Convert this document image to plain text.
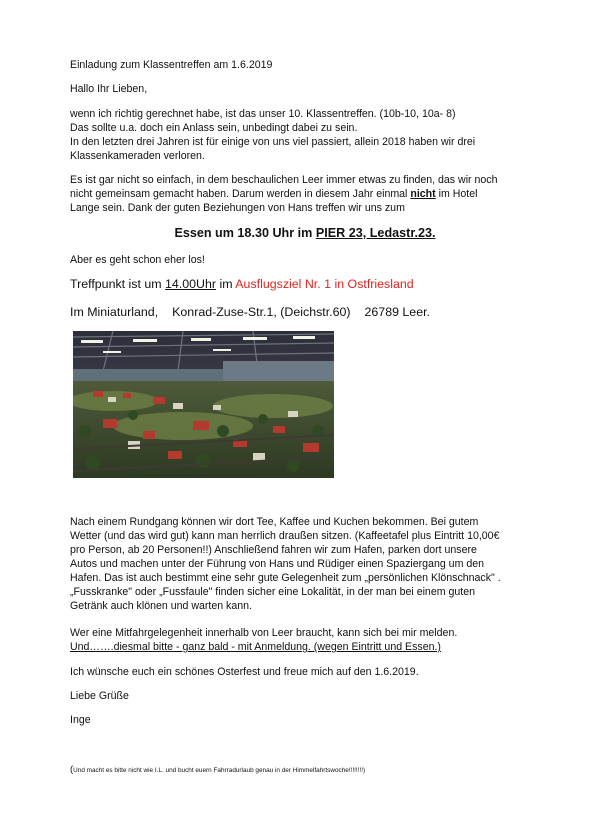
Einladung zum Klassentreffen am 1.6.2019
Hallo Ihr Lieben,
wenn ich richtig gerechnet habe, ist das unser 10. Klassentreffen. (10b-10, 10a- 8)
Das sollte u.a. doch ein Anlass sein, unbedingt dabei zu sein.
In den letzten drei Jahren ist für einige von uns viel passiert, allein 2018 haben wir drei
Klassenkameraden verloren.
Es ist gar nicht so einfach, in dem beschaulichen Leer immer etwas zu finden, das wir noch
nicht gemeinsam gemacht haben. Darum werden in diesem Jahr einmal nicht im Hotel
Lange sein. Dank der guten Beziehungen von Hans treffen wir uns zum
Essen um 18.30 Uhr im PIER 23, Ledastr.23.
Aber es geht schon eher los!
Treffpunkt ist um 14.00Uhr im Ausflugsziel Nr. 1 in Ostfriesland
Im Miniaturland, Konrad-Zuse-Str.1, (Deichstr.60) 26789 Leer.
Nach einem Rundgang können wir dort Tee, Kaffee und Kuchen bekommen. Bei gutem
Wetter (und das wird gut) kann man herrlich draußen sitzen. (Kaffeetafel plus Eintritt 10,00€
pro Person, ab 20 Personen!!) Anschließend fahren wir zum Hafen, parken dort unsere
Autos und machen unter der Führung von Hans und Rüdiger einen Spaziergang um den
Hafen. Das ist auch bestimmt eine sehr gute Gelegenheit zum „persönlichen Klönschnack" .
„Fusskranke" oder „Fussfaule" finden sicher eine Lokalität, in der man bei einem guten
Getränk auch klönen und warten kann.
Wer eine Mitfahrgelegenheit innerhalb von Leer braucht, kann sich bei mir melden.
Und…….diesmal bitte - ganz bald - mit Anmeldung. (wegen Eintritt und Essen.)
Ich wünsche euch ein schönes Osterfest und freue mich auf den 1.6.2019.
Liebe Grüße
Inge
(Und macht es bitte nicht wie I.L. und bucht euern Fahrradurlaub genau in der Himmelfahrtswoche!!!!!!!!)
